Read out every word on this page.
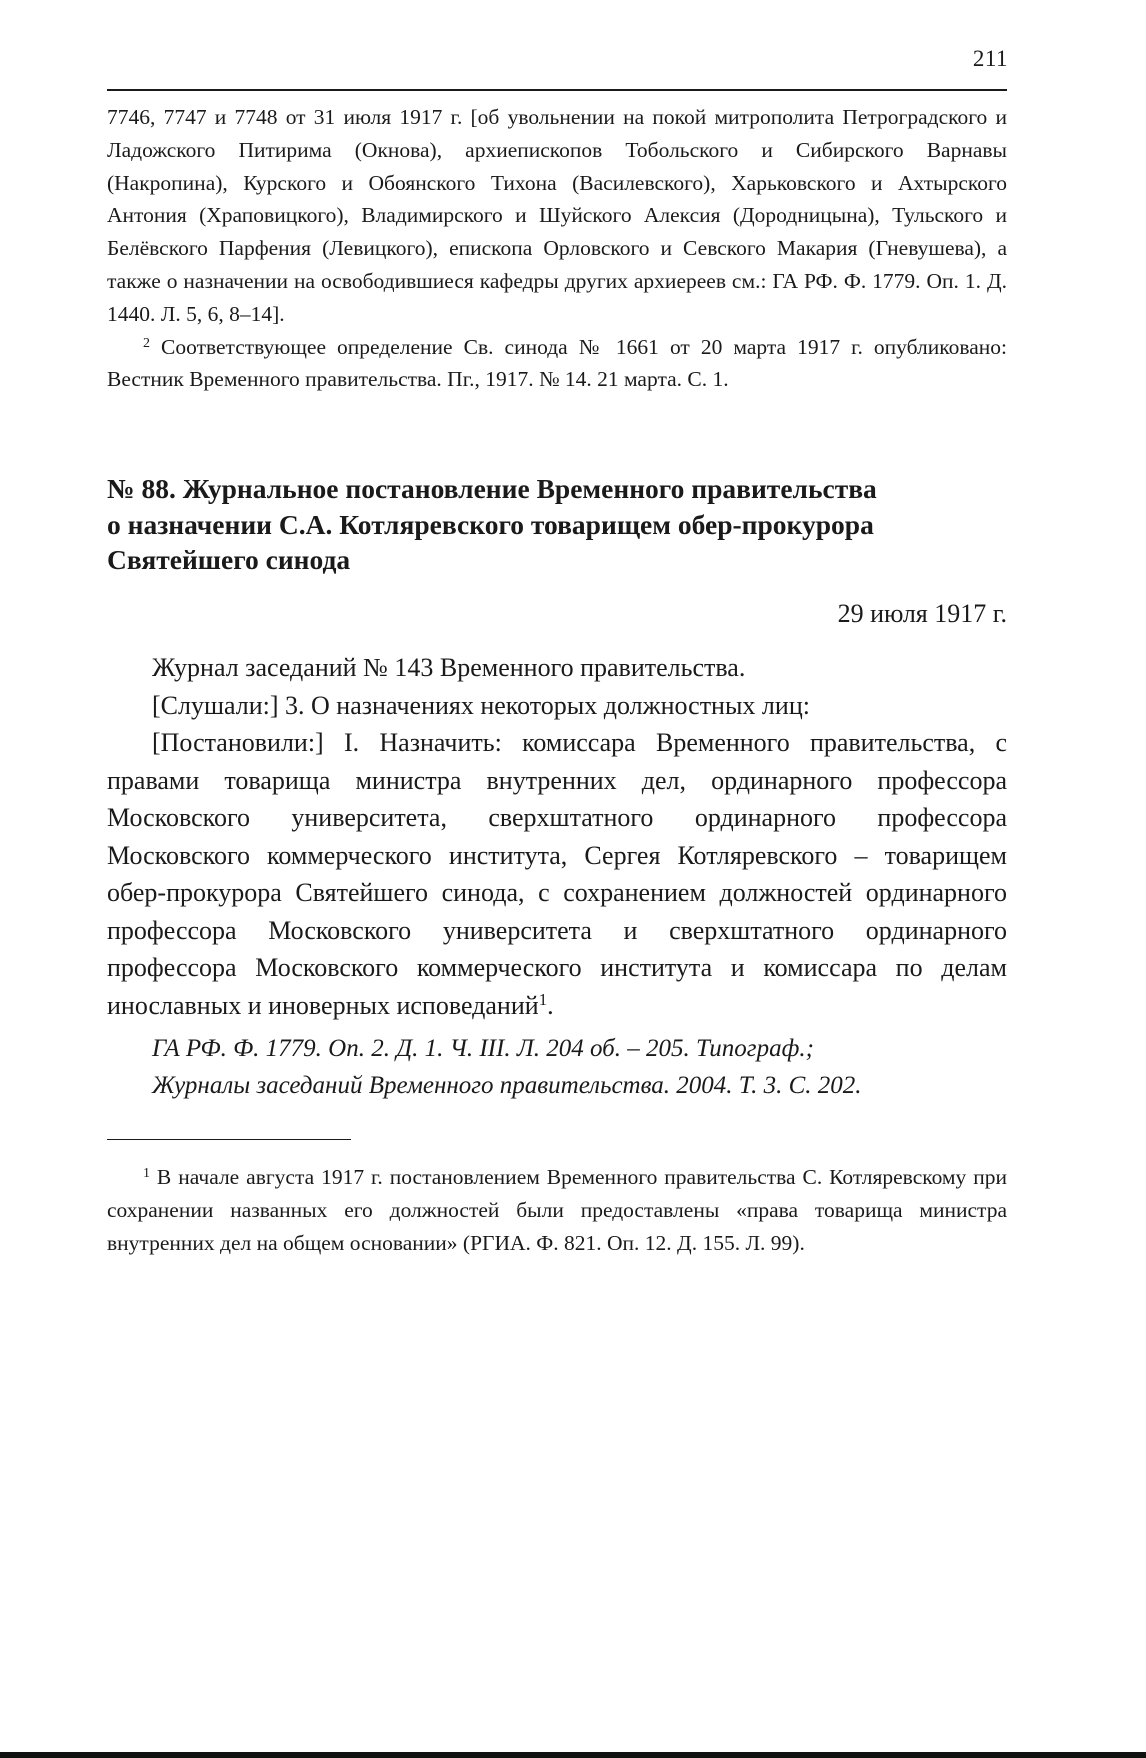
211

7746, 7747 и 7748 от 31 июля 1917 г. [об увольнении на покой митрополита Петроградского и Ладожского Питирима (Окнова), архиепископов Тобольского и Сибирского Варнавы (Накропина), Курского и Обоянского Тихона (Василевского), Харьковского и Ахтырского Антония (Храповицкого), Владимирского и Шуйского Алексия (Дородницына), Тульского и Белёвского Парфения (Левицкого), епископа Орловского и Севского Макария (Гневушева), а также о назначении на освободившиеся кафедры других архиереев см.: ГА РФ. Ф. 1779. Оп. 1. Д. 1440. Л. 5, 6, 8–14].

$^2$ Соответствующее определение Св. синода № 1661 от 20 марта 1917 г. опубликовано: Вестник Временного правительства. Пг., 1917. № 14. 21 марта. С. 1.

№ 88. Журнальное постановление Временного правительства

о назначении С.А. Котляревского товарищем обер-прокурора

Святейшего синода

29 июля 1917 г.

Журнал заседаний № 143 Временного правительства.

[Слушали:] 3. О назначениях некоторых должностных лиц:

[Постановили:] I. Назначить: комиссара Временного правительства, с правами товарища министра внутренних дел, ординарного профессора Московского университета, сверхштатного ординарного профессора Московского коммерческого института, Сергея Котляревского – товарищем обер-прокурора Святейшего синода, с сохранением должностей ординарного профессора Московского университета и сверхштатного ординарного профессора Московского коммерческого института и комиссара по делам инославных и иноверных исповеданий$^1$.

ГА РФ. Ф. 1779. Оп. 2. Д. 1. Ч. III. Л. 204 об. – 205. Типограф.;

Журналы заседаний Временного правительства. 2004. Т. 3. С. 202.

$^1$ В начале августа 1917 г. постановлением Временного правительства С. Котляревскому при сохранении названных его должностей были предоставлены «права товарища министра внутренних дел на общем основании» (РГИА. Ф. 821. Оп. 12. Д. 155. Л. 99).
